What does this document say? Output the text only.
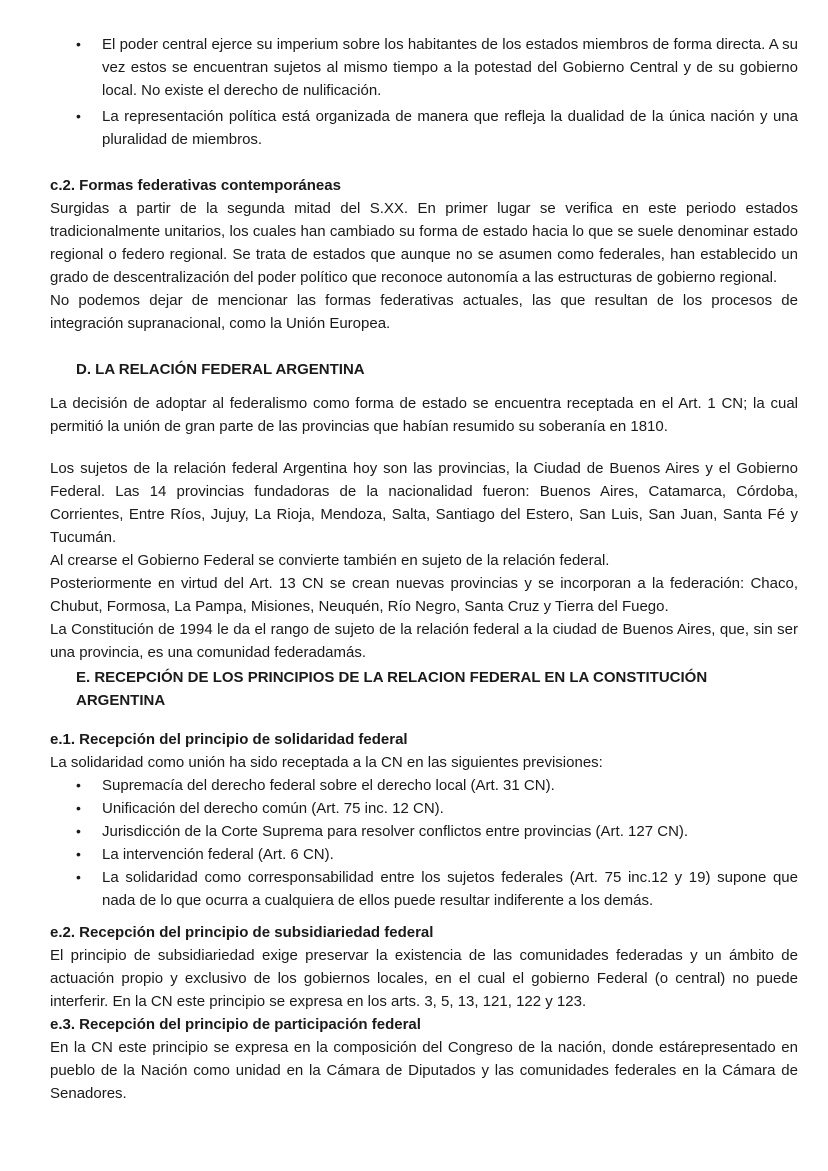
• El poder central ejerce su imperium sobre los habitantes de los estados miembros de forma directa. A su vez estos se encuentran sujetos al mismo tiempo a la potestad del Gobierno Central y de su gobierno local. No existe el derecho de nulificación.
• La representación política está organizada de manera que refleja la dualidad de la única nación y una pluralidad de miembros.

c.2. Formas federativas contemporáneas

Surgidas a partir de la segunda mitad del S.XX. En primer lugar se verifica en este periodo estados tradicionalmente unitarios, los cuales han cambiado su forma de estado hacia lo que se suele denominar estado regional o federo regional. Se trata de estados que aunque no se asumen como federales, han establecido un grado de descentralización del poder político que reconoce autonomía a las estructuras de gobierno regional.

No podemos dejar de mencionar las formas federativas actuales, las que resultan de los procesos de integración supranacional, como la Unión Europea.

D. LA RELACIÓN FEDERAL ARGENTINA

La decisión de adoptar al federalismo como forma de estado se encuentra receptada en el Art. 1 CN; la cual permitió la unión de gran parte de las provincias que habían resumido su soberanía en 1810.

Los sujetos de la relación federal Argentina hoy son las provincias, la Ciudad de Buenos Aires y el Gobierno Federal. Las 14 provincias fundadoras de la nacionalidad fueron: Buenos Aires, Catamarca, Córdoba, Corrientes, Entre Ríos, Jujuy, La Rioja, Mendoza, Salta, Santiago del Estero, San Luis, San Juan, Santa Fé y Tucumán.

Al crearse el Gobierno Federal se convierte también en sujeto de la relación federal.

Posteriormente en virtud del Art. 13 CN se crean nuevas provincias y se incorporan a la federación: Chaco, Chubut, Formosa, La Pampa, Misiones, Neuquén, Río Negro, Santa Cruz y Tierra del Fuego.

La Constitución de 1994 le da el rango de sujeto de la relación federal a la ciudad de Buenos Aires, que, sin ser una provincia, es una comunidad federadamás.

E. RECEPCIÓN DE LOS PRINCIPIOS DE LA RELACION FEDERAL EN LA CONSTITUCIÓN ARGENTINA

e.1. Recepción del principio de solidaridad federal

La solidaridad como unión ha sido receptada a la CN en las siguientes previsiones:

• Supremacía del derecho federal sobre el derecho local (Art. 31 CN).
• Unificación del derecho común (Art. 75 inc. 12 CN).
• Jurisdicción de la Corte Suprema para resolver conflictos entre provincias (Art. 127 CN).
• La intervención federal (Art. 6 CN).
• La solidaridad como corresponsabilidad entre los sujetos federales (Art. 75 inc.12 y 19) supone que nada de lo que ocurra a cualquiera de ellos puede resultar indiferente a los demás.

e.2. Recepción del principio de subsidiariedad federal

El principio de subsidiariedad exige preservar la existencia de las comunidades federadas y un ámbito de actuación propio y exclusivo de los gobiernos locales, en el cual el gobierno Federal (o central) no puede interferir. En la CN este principio se expresa en los arts. 3, 5, 13, 121, 122 y 123.

e.3. Recepción del principio de participación federal

En la CN este principio se expresa en la composición del Congreso de la nación, donde estárepresentado en pueblo de la Nación como unidad en la Cámara de Diputados y las comunidades federales en la Cámara de Senadores.
